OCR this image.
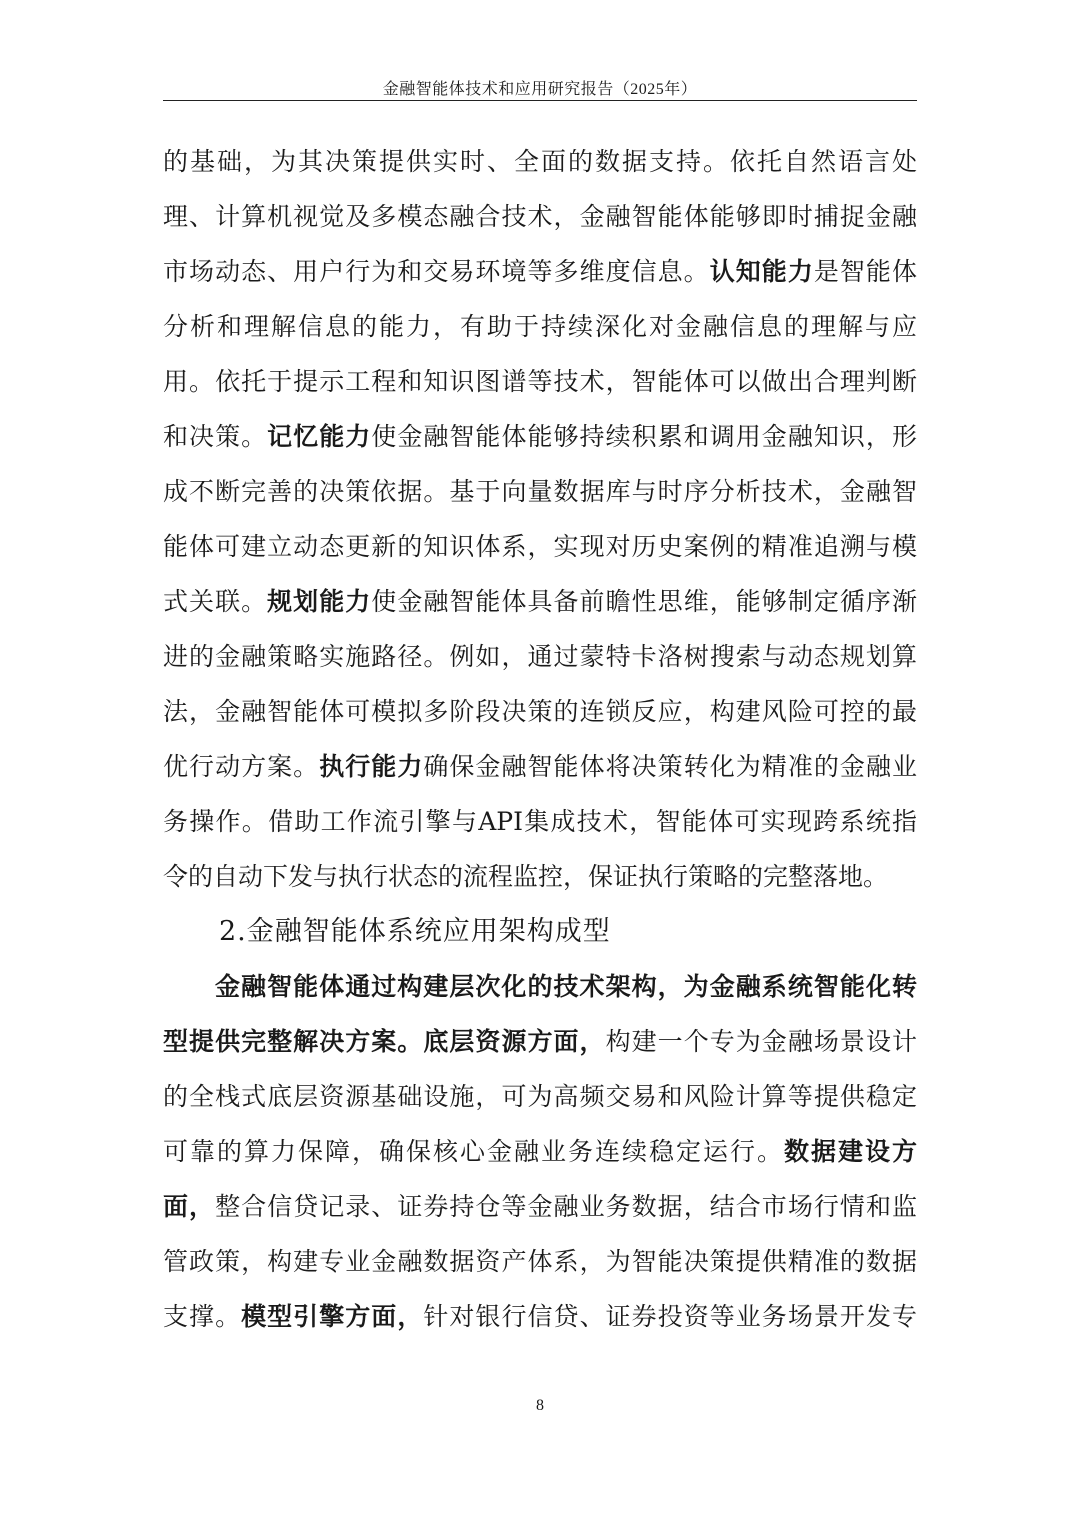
金融智能体技术和应用研究报告（2025年）
的基础，为其决策提供实时、全面的数据支持。依托自然语言处
理、计算机视觉及多模态融合技术，金融智能体能够即时捕捉金融
市场动态、用户行为和交易环境等多维度信息。认知能力是智能体
分析和理解信息的能力，有助于持续深化对金融信息的理解与应
用。依托于提示工程和知识图谱等技术，智能体可以做出合理判断
和决策。记忆能力使金融智能体能够持续积累和调用金融知识，形
成不断完善的决策依据。基于向量数据库与时序分析技术，金融智
能体可建立动态更新的知识体系，实现对历史案例的精准追溯与模
式关联。规划能力使金融智能体具备前瞻性思维，能够制定循序渐
进的金融策略实施路径。例如，通过蒙特卡洛树搜索与动态规划算
法，金融智能体可模拟多阶段决策的连锁反应，构建风险可控的最
优行动方案。执行能力确保金融智能体将决策转化为精准的金融业
务操作。借助工作流引擎与API集成技术，智能体可实现跨系统指
令的自动下发与执行状态的流程监控，保证执行策略的完整落地。
2.金融智能体系统应用架构成型
金融智能体通过构建层次化的技术架构，为金融系统智能化转
型提供完整解决方案。底层资源方面，构建一个专为金融场景设计
的全栈式底层资源基础设施，可为高频交易和风险计算等提供稳定
可靠的算力保障，确保核心金融业务连续稳定运行。数据建设方
面，整合信贷记录、证券持仓等金融业务数据，结合市场行情和监
管政策，构建专业金融数据资产体系，为智能决策提供精准的数据
支撑。模型引擎方面，针对银行信贷、证券投资等业务场景开发专
8
